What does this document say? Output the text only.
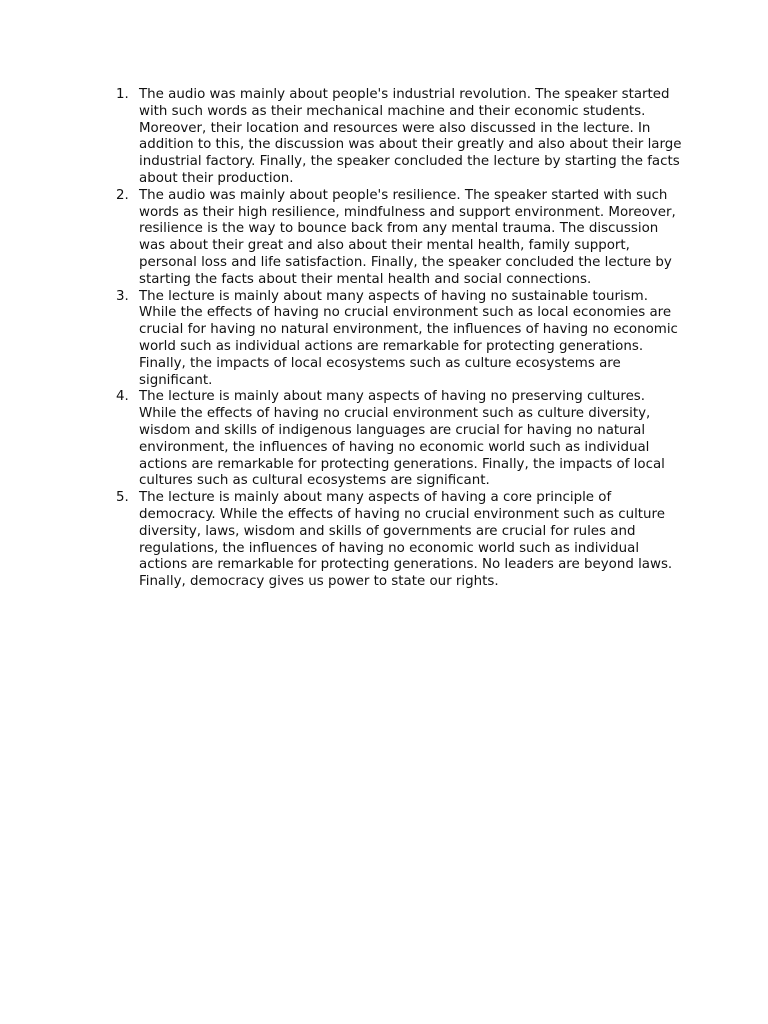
1. The audio was mainly about people's industrial revolution. The speaker started with such words as their mechanical machine and their economic students. Moreover, their location and resources were also discussed in the lecture. In addition to this, the discussion was about their greatly and also about their large industrial factory. Finally, the speaker concluded the lecture by starting the facts about their production.
2. The audio was mainly about people's resilience. The speaker started with such words as their high resilience, mindfulness and support environment. Moreover, resilience is the way to bounce back from any mental trauma. The discussion was about their great and also about their mental health, family support, personal loss and life satisfaction. Finally, the speaker concluded the lecture by starting the facts about their mental health and social connections.
3. The lecture is mainly about many aspects of having no sustainable tourism. While the effects of having no crucial environment such as local economies are crucial for having no natural environment, the influences of having no economic world such as individual actions are remarkable for protecting generations. Finally, the impacts of local ecosystems such as culture ecosystems are significant.
4. The lecture is mainly about many aspects of having no preserving cultures. While the effects of having no crucial environment such as culture diversity, wisdom and skills of indigenous languages are crucial for having no natural environment, the influences of having no economic world such as individual actions are remarkable for protecting generations. Finally, the impacts of local cultures such as cultural ecosystems are significant.
5. The lecture is mainly about many aspects of having a core principle of democracy. While the effects of having no crucial environment such as culture diversity, laws, wisdom and skills of governments are crucial for rules and regulations, the influences of having no economic world such as individual actions are remarkable for protecting generations. No leaders are beyond laws. Finally, democracy gives us power to state our rights.
